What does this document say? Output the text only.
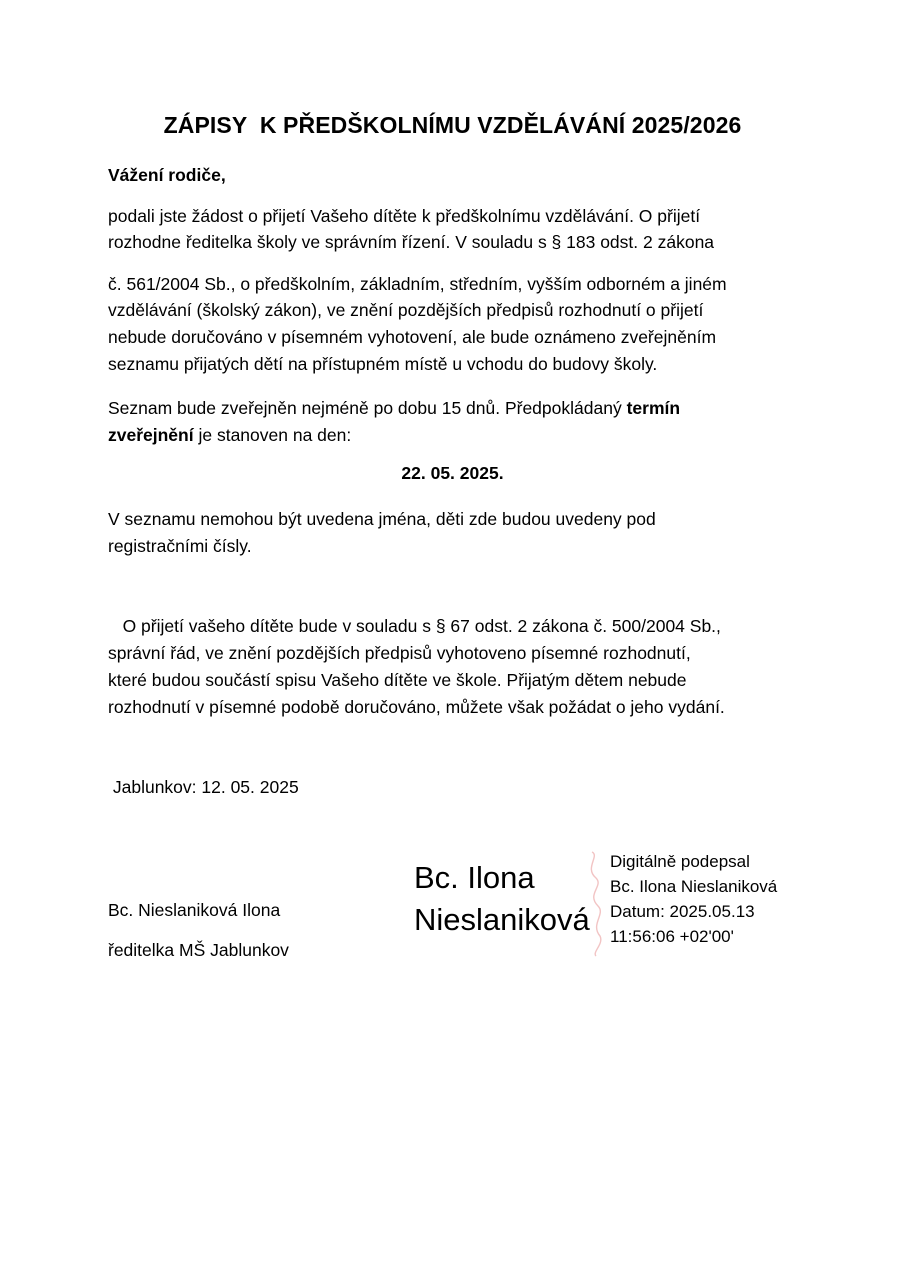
ZÁPISY  K PŘEDŠKOLNÍMU VZDĚLÁVÁNÍ 2025/2026
Vážení rodiče,
podali jste žádost o přijetí Vašeho dítěte k předškolnímu vzdělávání. O přijetí
rozhodne ředitelka školy ve správním řízení. V souladu s § 183 odst. 2 zákona
č. 561/2004 Sb., o předškolním, základním, středním, vyšším odborném a jiném
vzdělávání (školský zákon), ve znění pozdějších předpisů rozhodnutí o přijetí
nebude doručováno v písemném vyhotovení, ale bude oznámeno zveřejněním
seznamu přijatých dětí na přístupném místě u vchodu do budovy školy.
Seznam bude zveřejněn nejméně po dobu 15 dnů. Předpokládaný termín
zveřejnění je stanoven na den:
22. 05. 2025.
V seznamu nemohou být uvedena jména, děti zde budou uvedeny pod
registračními čísly.
O přijetí vašeho dítěte bude v souladu s § 67 odst. 2 zákona č. 500/2004 Sb.,
správní řád, ve znění pozdějších předpisů vyhotoveno písemné rozhodnutí,
které budou součástí spisu Vašeho dítěte ve škole. Přijatým dětem nebude
rozhodnutí v písemné podobě doručováno, můžete však požádat o jeho vydání.
Jablunkov: 12. 05. 2025
Bc. Nieslaniková Ilona
ředitelka MŠ Jablunkov
Bc. Ilona
Nieslaniková
Digitálně podepsal
Bc. Ilona Nieslaniková
Datum: 2025.05.13
11:56:06 +02'00'
